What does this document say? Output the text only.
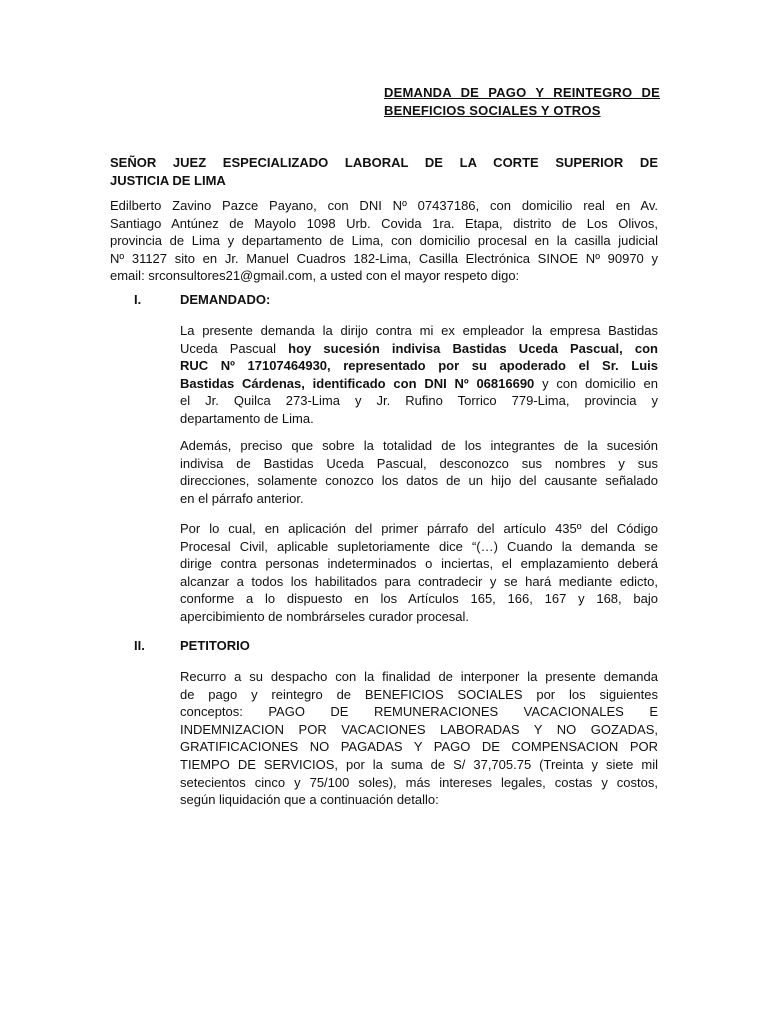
DEMANDA DE PAGO Y REINTEGRO DE
BENEFICIOS SOCIALES Y OTROS
SEÑOR JUEZ ESPECIALIZADO LABORAL DE LA CORTE SUPERIOR DE
JUSTICIA DE LIMA
Edilberto Zavino Pazce Payano, con DNI Nº 07437186, con domicilio real en Av.
Santiago Antúnez de Mayolo 1098 Urb. Covida 1ra. Etapa, distrito de Los Olivos,
provincia de Lima y departamento de Lima, con domicilio procesal en la casilla judicial
Nº 31127 sito en Jr. Manuel Cuadros 182-Lima, Casilla Electrónica SINOE Nº 90970 y
email: srconsultores21@gmail.com, a usted con el mayor respeto digo:
I.	DEMANDADO:
La presente demanda la dirijo contra mi ex empleador la empresa Bastidas
Uceda Pascual hoy sucesión indivisa Bastidas Uceda Pascual, con
RUC Nº 17107464930, representado por su apoderado el Sr. Luis
Bastidas Cárdenas, identificado con DNI Nº 06816690 y con domicilio en
el Jr. Quilca 273-Lima y Jr. Rufino Torrico 779-Lima, provincia y
departamento de Lima.
Además, preciso que sobre la totalidad de los integrantes de la sucesión
indivisa de Bastidas Uceda Pascual, desconozco sus nombres y sus
direcciones, solamente conozco los datos de un hijo del causante señalado
en el párrafo anterior.
Por lo cual, en aplicación del primer párrafo del artículo 435º del Código
Procesal Civil, aplicable supletoriamente dice “(…) Cuando la demanda se
dirige contra personas indeterminados o inciertas, el emplazamiento deberá
alcanzar a todos los habilitados para contradecir y se hará mediante edicto,
conforme a lo dispuesto en los Artículos 165, 166, 167 y 168, bajo
apercibimiento de nombrárseles curador procesal.
II.	PETITORIO
Recurro a su despacho con la finalidad de interponer la presente demanda
de pago y reintegro de BENEFICIOS SOCIALES por los siguientes
conceptos: PAGO DE REMUNERACIONES VACACIONALES E
INDEMNIZACION POR VACACIONES LABORADAS Y NO GOZADAS,
GRATIFICACIONES NO PAGADAS Y PAGO DE COMPENSACION POR
TIEMPO DE SERVICIOS, por la suma de S/ 37,705.75 (Treinta y siete mil
setecientos cinco y 75/100 soles), más intereses legales, costas y costos,
según liquidación que a continuación detallo:
